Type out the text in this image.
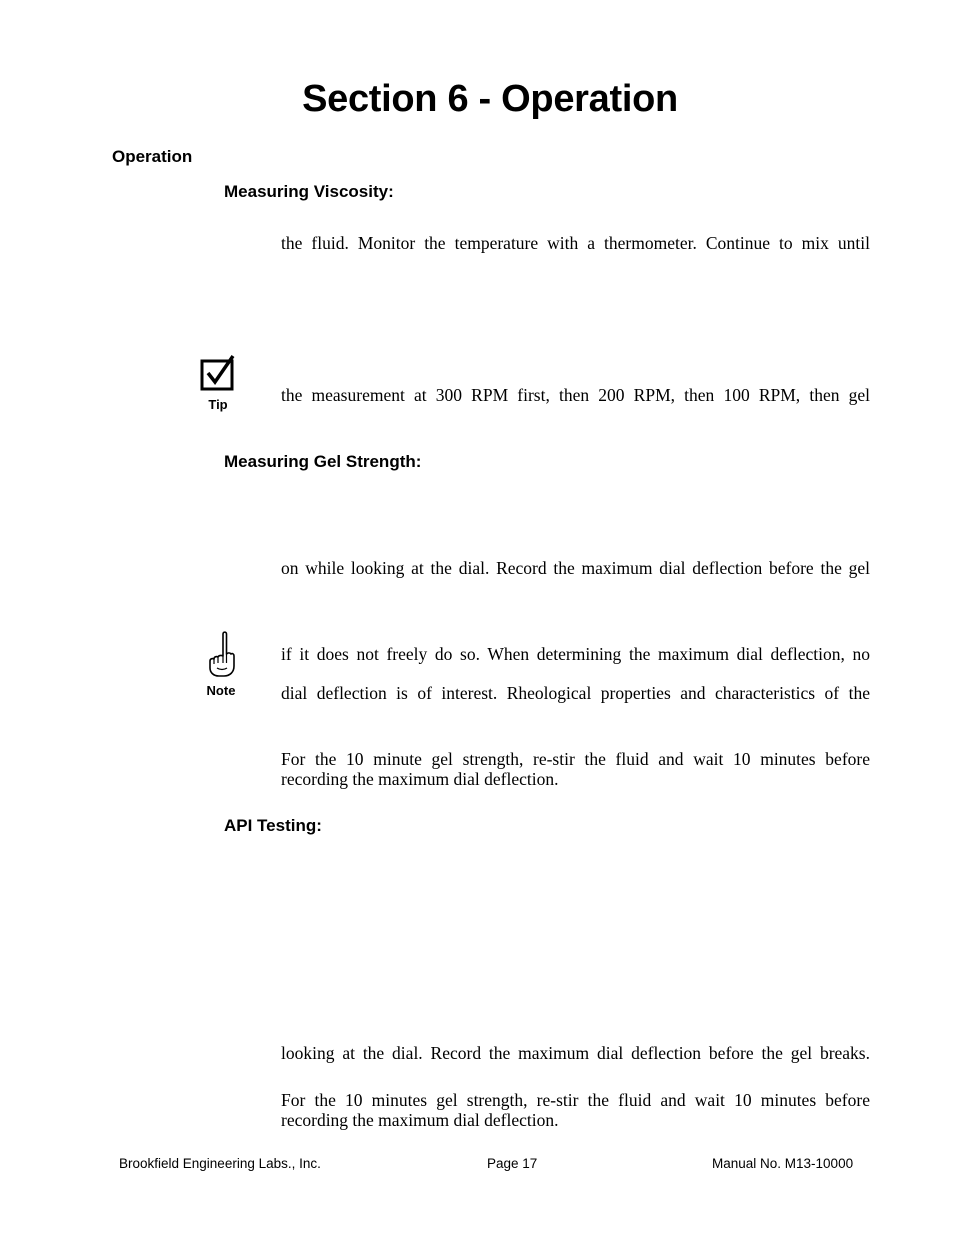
Section 6 - Operation
Operation
Measuring Viscosity:
the fluid. Monitor the temperature with a thermometer. Continue to mix until
Tip	the measurement at 300 RPM first, then 200 RPM, then 100 RPM, then gel
Measuring Gel Strength:
on while looking at the dial. Record the maximum dial deflection before the gel
Note
if it does not freely do so. When determining the maximum dial deflection, no
dial deflection is of interest. Rheological properties and characteristics of the
For the 10 minute gel strength, re-stir the fluid and wait 10 minutes before recording the maximum dial deflection.
API Testing:
looking at the dial. Record the maximum dial deflection before the gel breaks.
For the 10 minutes gel strength, re-stir the fluid and wait 10 minutes before recording the maximum dial deflection.
Brookfield Engineering Labs., Inc.	Page 17	Manual No. M13-10000
